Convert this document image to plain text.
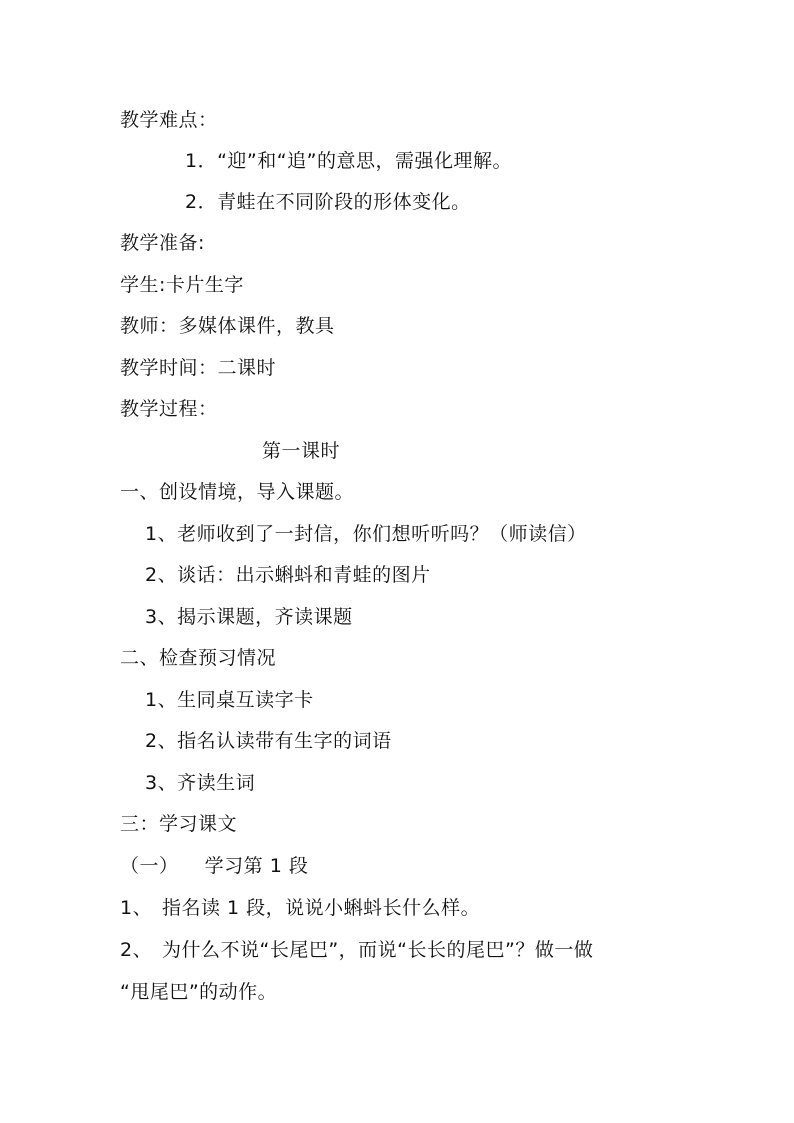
教学难点：
1．“迎”和“追”的意思，需强化理解。
2．青蛙在不同阶段的形体变化。
教学准备:
学生:卡片生字
教师：多媒体课件，教具
教学时间：二课时
教学过程：
第一课时
一、创设情境，导入课题。
1、老师收到了一封信，你们想听听吗？（师读信）
2、谈话：出示蝌蚪和青蛙的图片
3、揭示课题，齐读课题
二、检查预习情况
1、生同桌互读字卡
2、指名认读带有生字的词语
3、齐读生词
三：学习课文
（一）    学习第 1 段
1、 指名读 1 段，说说小蝌蚪长什么样。
2、 为什么不说“长尾巴”，而说“长长的尾巴”？做一做
“甩尾巴”的动作。
